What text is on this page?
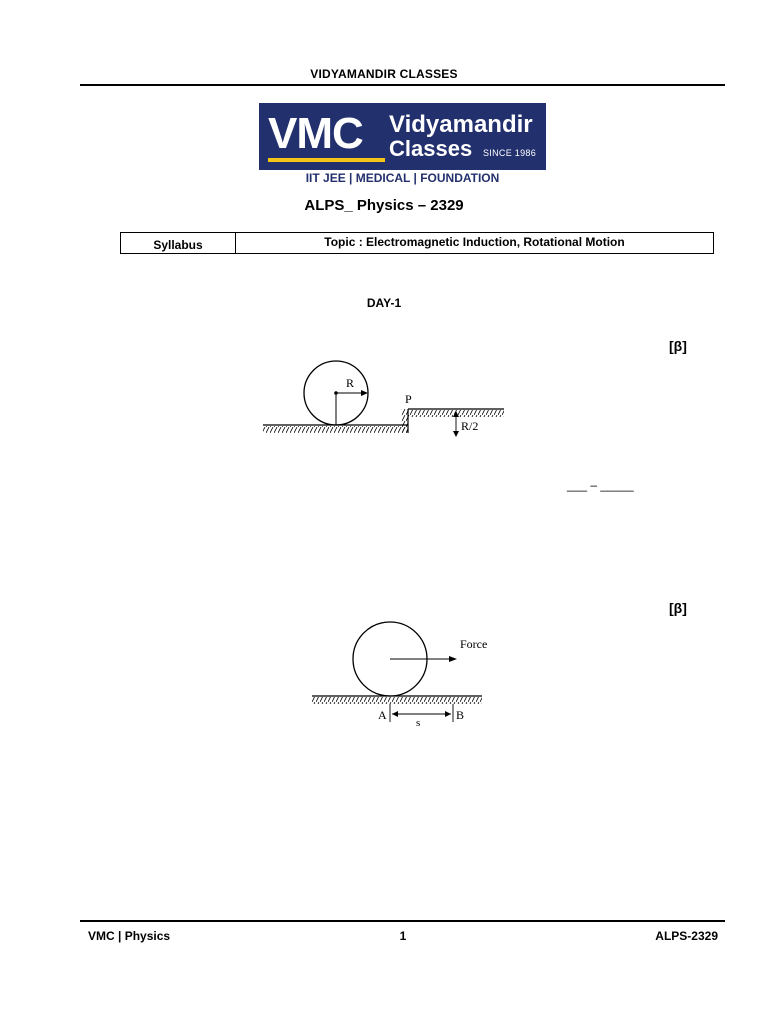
VIDYAMANDIR CLASSES
VMC Vidyamandir
Classes SINCE 1986
IIT JEE | MEDICAL | FOUNDATION
ALPS_ Physics – 2329
Syllabus	Topic : Electromagnetic Induction, Rotational Motion
DAY-1
[β]
R
P
R/2
___ – _____
[β]
Force
A	B
s
VMC | Physics	1	ALPS-2329
